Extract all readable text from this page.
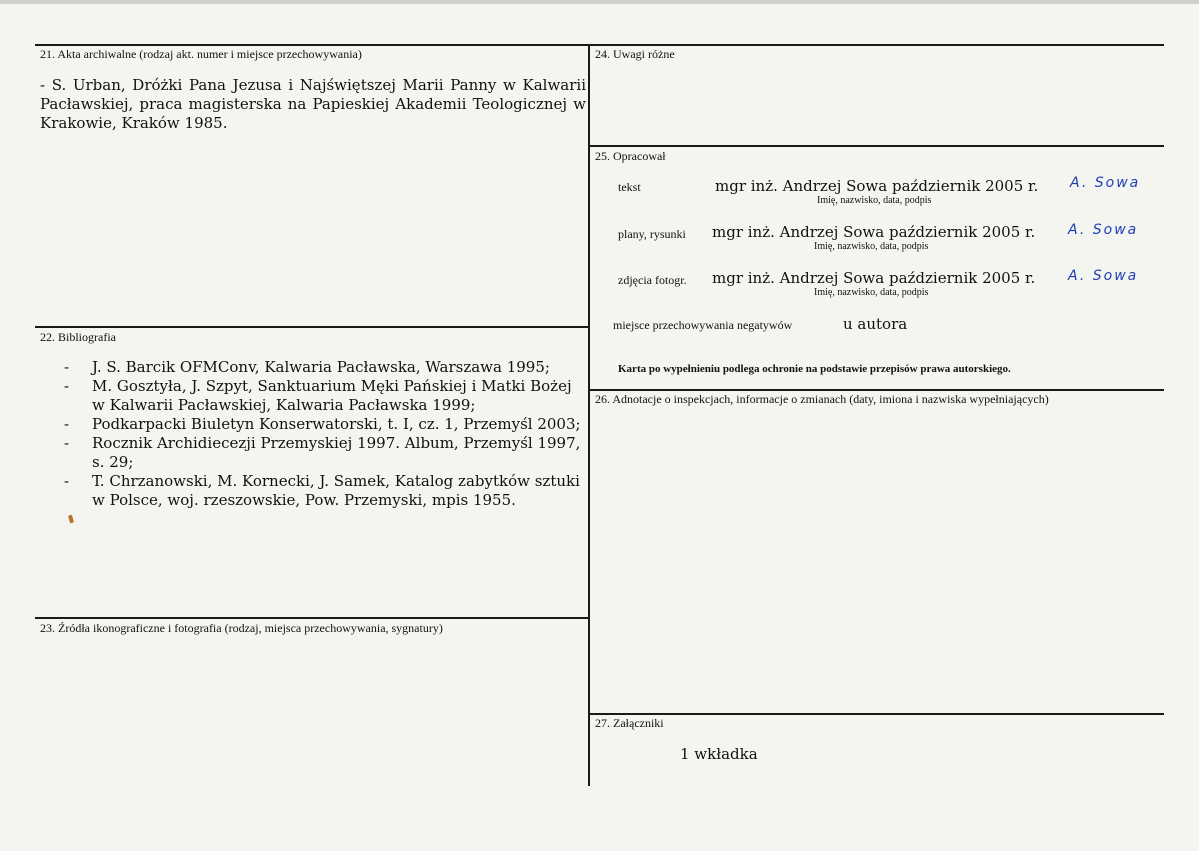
21. Akta archiwalne (rodzaj akt. numer i miejsce przechowywania)
- S. Urban, Dróżki Pana Jezusa i Najświętszej Marii Panny w Kalwarii Pacławskiej, praca magisterska na Papieskiej Akademii Teologicznej w Krakowie, Kraków 1985.
22. Bibliografia
- J. S. Barcik OFMConv, Kalwaria Pacławska, Warszawa 1995;
- M. Gosztyła, J. Szpyt, Sanktuarium Męki Pańskiej i Matki Bożej w Kalwarii Pacławskiej, Kalwaria Pacławska 1999;
- Podkarpacki Biuletyn Konserwatorski, t. I, cz. 1, Przemyśl 2003;
- Rocznik Archidiecezji Przemyskiej 1997. Album, Przemyśl 1997, s. 29;
- T. Chrzanowski, M. Kornecki, J. Samek, Katalog zabytków sztuki w Polsce, woj. rzeszowskie, Pow. Przemyski, mpis 1955.
23. Źródła ikonograficzne i fotografia (rodzaj, miejsca przechowywania, sygnatury)
24. Uwagi różne
25. Opracował
tekst	mgr inż. Andrzej Sowa październik 2005 r. A. Sowa
Imię, nazwisko, data, podpis
plany, rysunki mgr inż. Andrzej Sowa październik 2005 r. A. Sowa
Imię, nazwisko, data, podpis
zdjęcia fotogr. mgr inż. Andrzej Sowa październik 2005 r. A. Sowa
Imię, nazwisko, data, podpis
miejsce przechowywania negatywów	u autora
Karta po wypełnieniu podlega ochronie na podstawie przepisów prawa autorskiego.
26. Adnotacje o inspekcjach, informacje o zmianach (daty, imiona i nazwiska wypełniających)
27. Załączniki
1 wkładka
